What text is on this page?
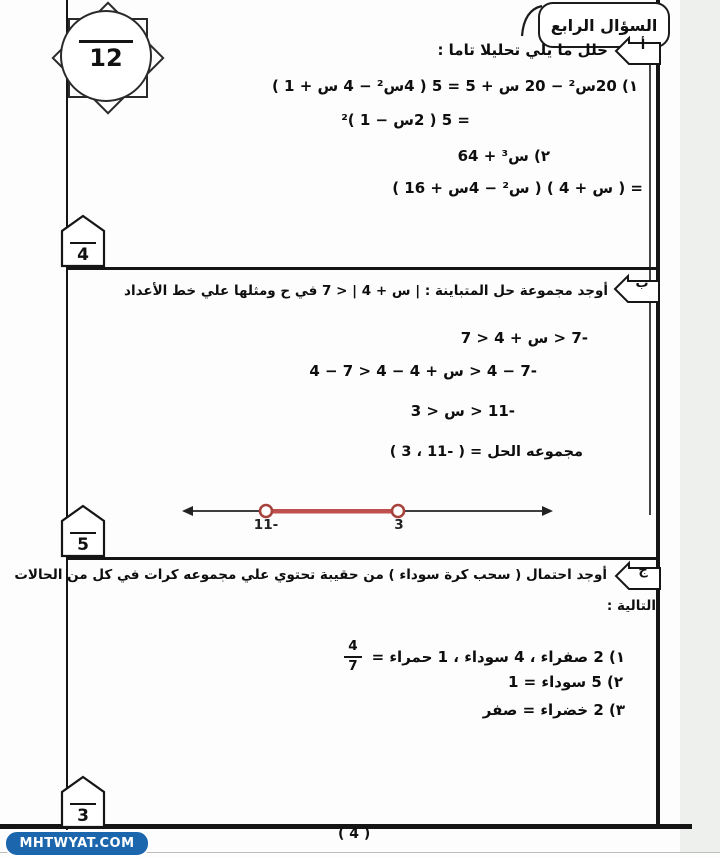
12
السؤال الرابع
أ
حلل ما يلي تحليلا تاما :
١) 20س² − 20 س + 5 = 5 ( 4س² − 4 س + 1 )
= 5 ( 2س − 1 )²
٢) س³ + 64
= ( س + 4 ) ( س² − 4س + 16 )
4
ب
أوجد مجموعة حل المتباينة : | س + 4 | < 7 في ح ومثلها علي خط الأعداد
-7 < س + 4 < 7
-7 − 4 < س + 4 − 4 < 7 − 4
-11 < س < 3
مجموعه الحل = ( -11 ، 3 )
-11	3
5
ج
أوجد احتمال ( سحب كرة سوداء ) من حقيبة تحتوي علي مجموعه كرات في كل من الحالات
التالية :
١) 2 صفراء ، 4 سوداء ، 1 حمراء =
$\frac{4}{7}$
٢) 5 سوداء = 1
٣) 2 خضراء = صفر
3
MHTWYAT.COM
( 4 )
